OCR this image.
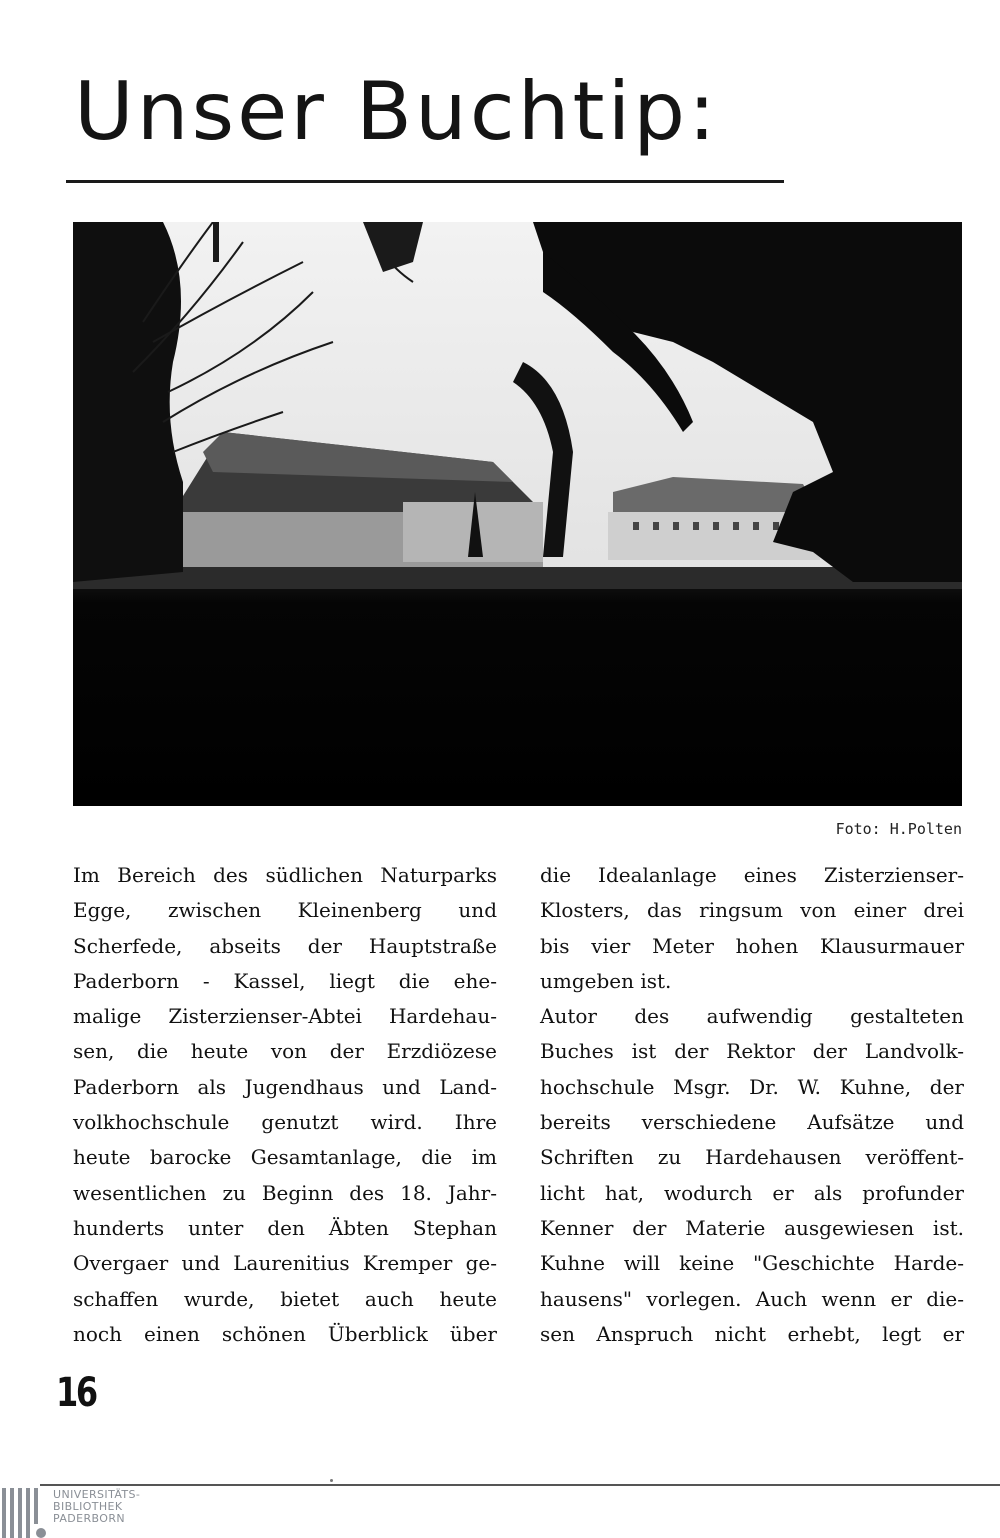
Unser Buchtip:
Foto: H.Polten
Im Bereich des südlichen Naturparks
Egge, zwischen Kleinenberg und
Scherfede, abseits der Hauptstraße
Paderborn - Kassel, liegt die ehe-
malige Zisterzienser-Abtei Hardehau-
sen, die heute von der Erzdiözese
Paderborn als Jugendhaus und Land-
volkhochschule genutzt wird. Ihre
heute barocke Gesamtanlage, die im
wesentlichen zu Beginn des 18. Jahr-
hunderts unter den Äbten Stephan
Overgaer und Laurenitius Kremper ge-
schaffen wurde, bietet auch heute
noch einen schönen Überblick über
die Idealanlage eines Zisterzienser-
Klosters, das ringsum von einer drei
bis vier Meter hohen Klausurmauer
umgeben ist.
Autor des aufwendig gestalteten
Buches ist der Rektor der Landvolk-
hochschule Msgr. Dr. W. Kuhne, der
bereits verschiedene Aufsätze und
Schriften zu Hardehausen veröffent-
licht hat, wodurch er als profunder
Kenner der Materie ausgewiesen ist.
Kuhne will keine "Geschichte Harde-
hausens" vorlegen. Auch wenn er die-
sen Anspruch nicht erhebt, legt er
16
UNIVERSITÄTS-
BIBLIOTHEK
PADERBORN
